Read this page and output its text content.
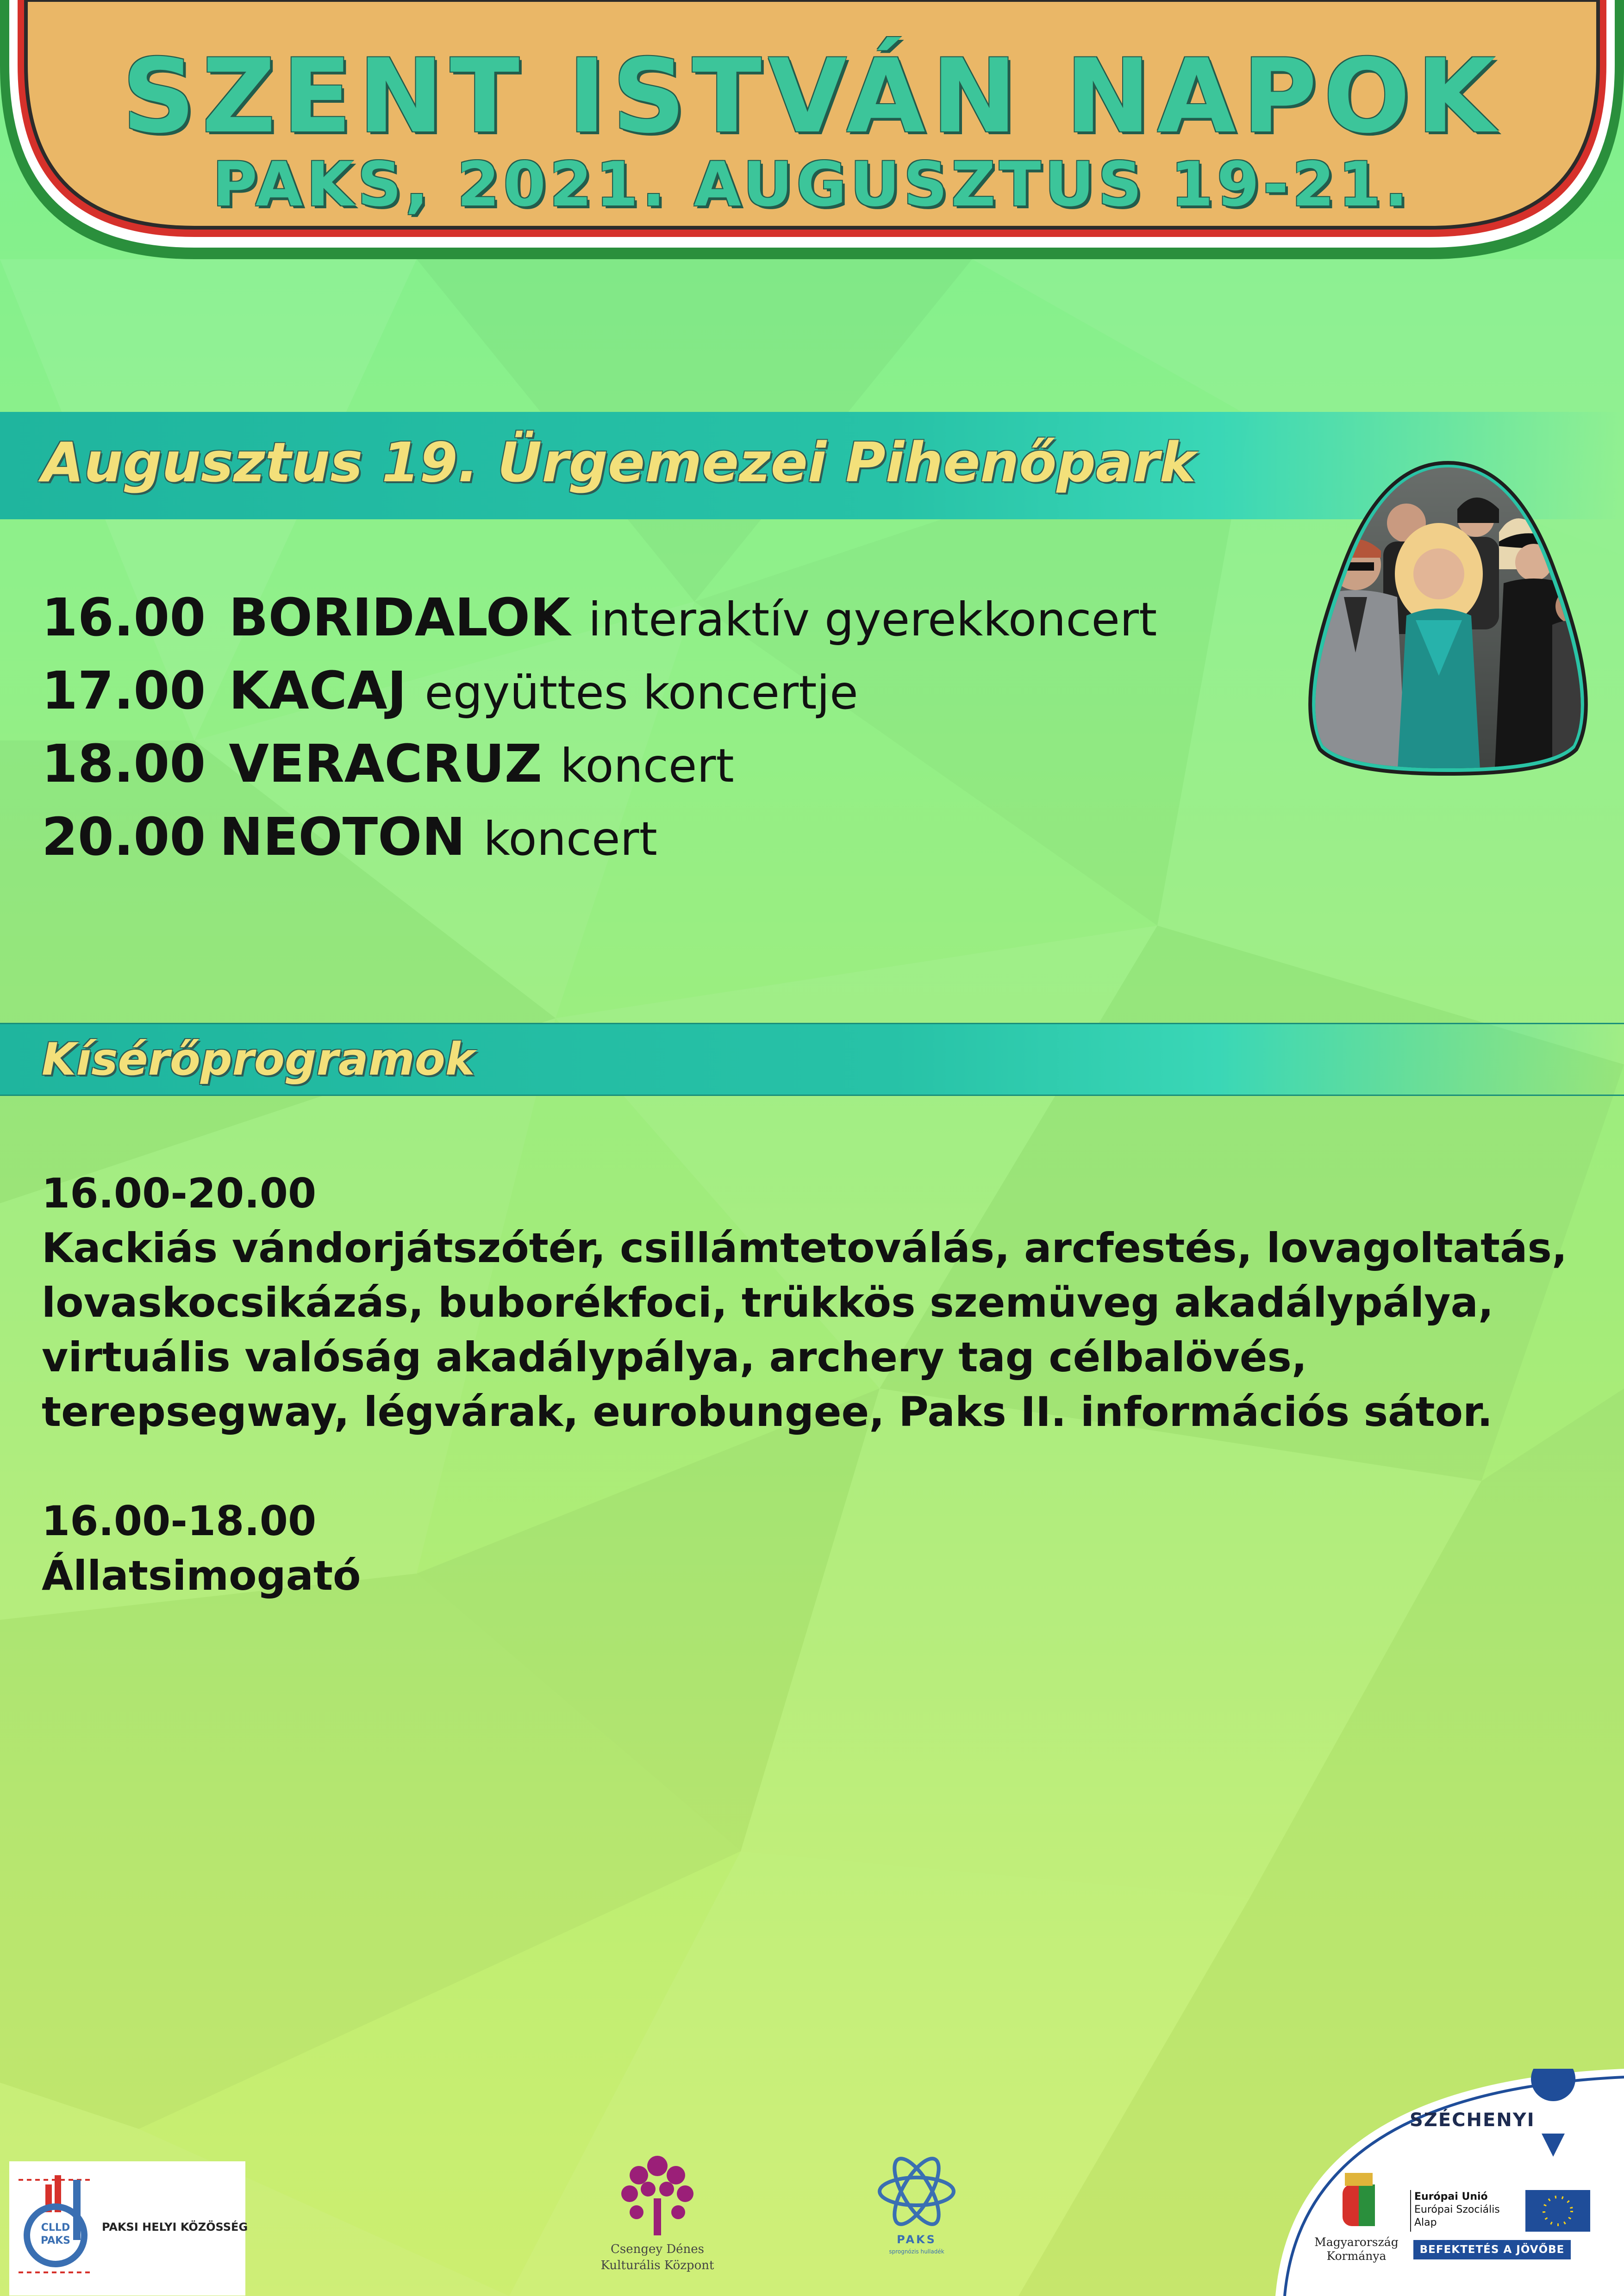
SZENT ISTVÁN NAPOK
PAKS, 2021. AUGUSZTUS 19-21.
Augusztus 19. Ürgemezei Pihenőpark
16.00 BORIDALOK interaktív gyerekkoncert
17.00 KACAJ együttes koncertje
18.00 VERACRUZ koncert
20.00 NEOTON koncert
Kísérőprogramok
16.00-20.00
Kackiás vándorjátszótér, csillámtetoválás, arcfestés, lovagoltatás,
lovaskocsikázás, buborékfoci, trükkös szemüveg akadálypálya,
virtuális valóság akadálypálya, archery tag célbalövés,
terepsegway, légvárak, eurobungee, Paks II. információs sátor.
16.00-18.00
Állatsimogató
CLLD
PAKS
PAKSI HELYI KÖZÖSSÉG
Csengey Dénes
Kulturális Központ
PAKS
sprognózis hulladék
SZÉCHENYI 2020
Magyarország
Kormánya
Európai Unió
Európai Szociális
Alap
BEFEKTETÉS A JÖVŐBE
